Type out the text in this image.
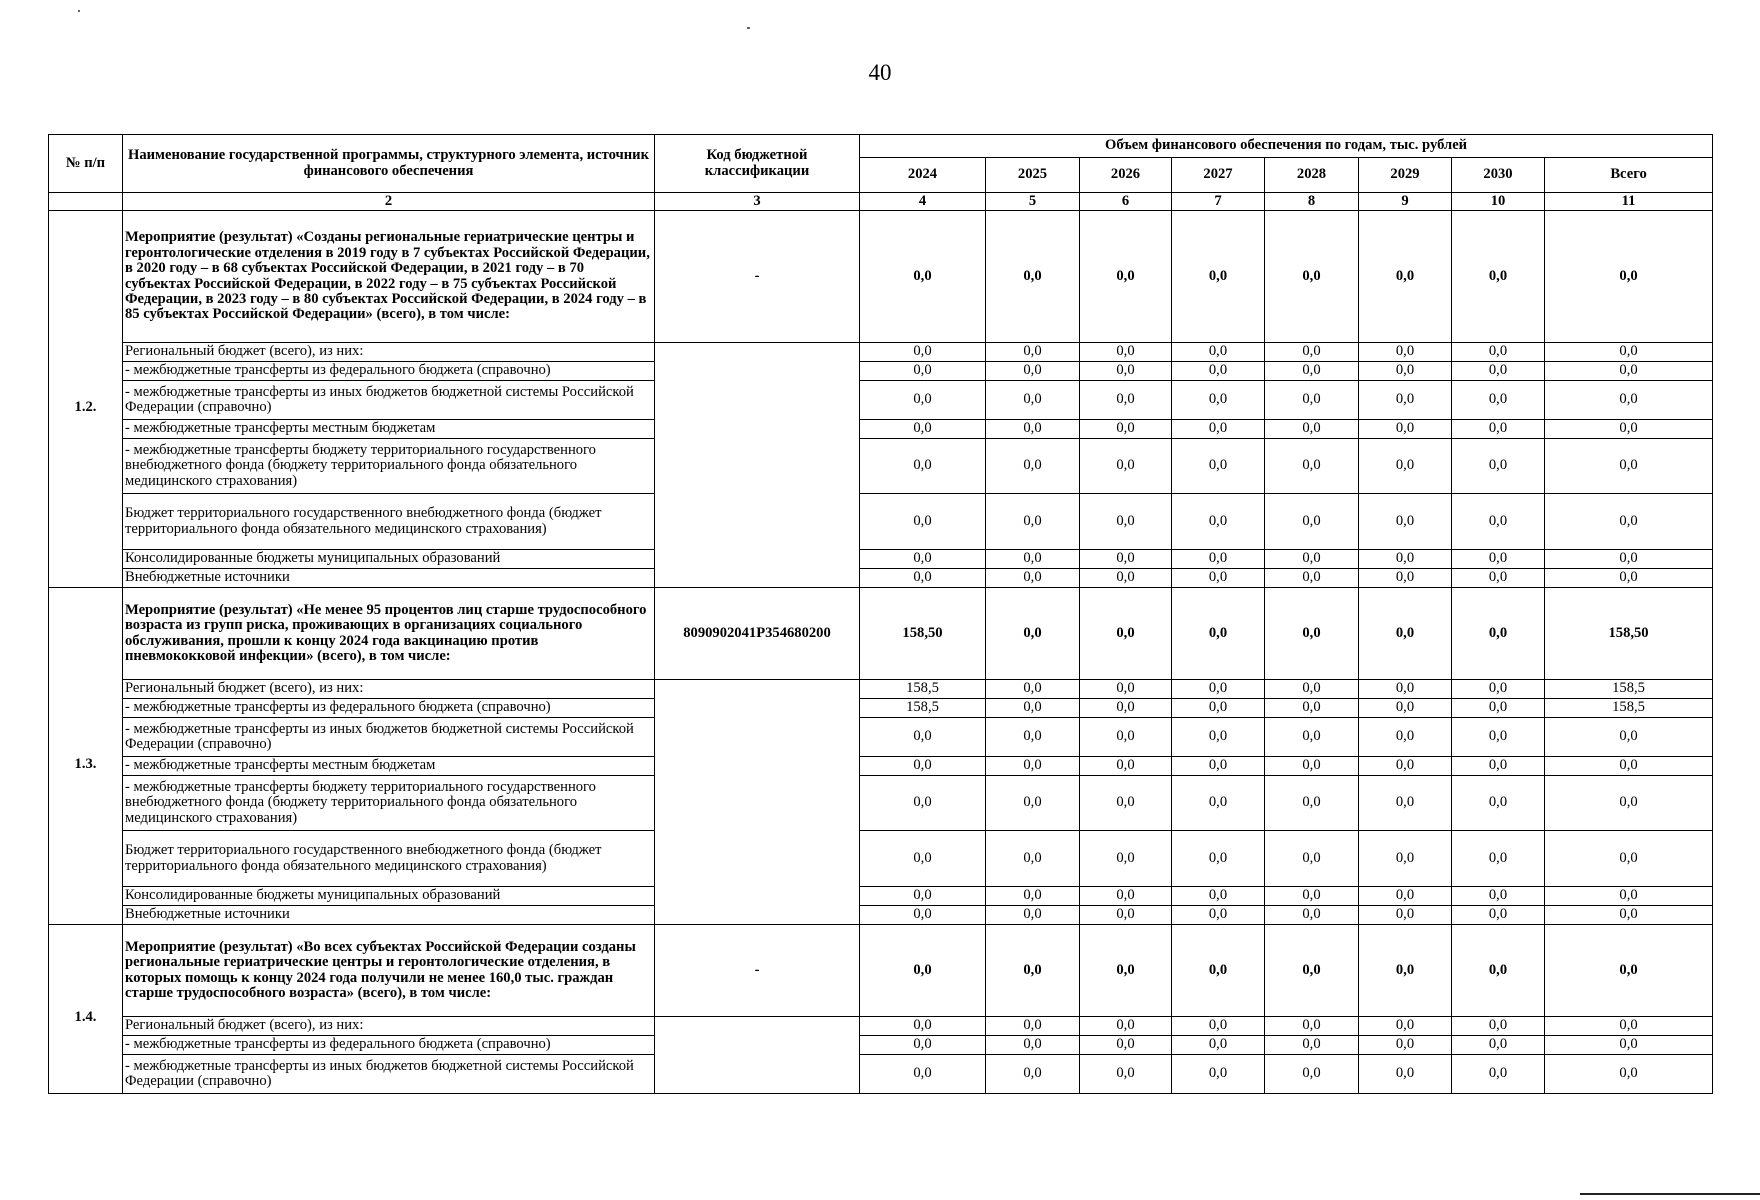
40
№ п/п	Наименование государственной программы, структурного элемента, источник финансового обеспечения	Код бюджетной классификации	Объем финансового обеспечения по годам, тыс. рублей							
			2024	2025	2026	2027	2028	2029	2030	Всего
	2	3	4	5	6	7	8	9	10	11
1.2.	Мероприятие (результат) «Созданы региональные гериатрические центры и геронтологические отделения в 2019 году в 7 субъектах Российской Федерации, в 2020 году – в 68 субъектах Российской Федерации, в 2021 году – в 70 субъектах Российской Федерации, в 2022 году – в 75 субъектах Российской Федерации, в 2023 году – в 80 субъектах Российской Федерации, в 2024 году – в 85 субъектах Российской Федерации» (всего), в том числе:	-	0,0	0,0	0,0	0,0	0,0	0,0	0,0	0,0
	Региональный бюджет (всего), из них:		0,0	0,0	0,0	0,0	0,0	0,0	0,0	0,0
	- межбюджетные трансферты из федерального бюджета (справочно)		0,0	0,0	0,0	0,0	0,0	0,0	0,0	0,0
	- межбюджетные трансферты из иных бюджетов бюджетной системы Российской Федерации (справочно)		0,0	0,0	0,0	0,0	0,0	0,0	0,0	0,0
	- межбюджетные трансферты местным бюджетам		0,0	0,0	0,0	0,0	0,0	0,0	0,0	0,0
	- межбюджетные трансферты бюджету территориального государственного внебюджетного фонда (бюджету территориального фонда обязательного медицинского страхования)		0,0	0,0	0,0	0,0	0,0	0,0	0,0	0,0
	Бюджет территориального государственного внебюджетного фонда (бюджет территориального фонда обязательного медицинского страхования)		0,0	0,0	0,0	0,0	0,0	0,0	0,0	0,0
	Консолидированные бюджеты муниципальных образований		0,0	0,0	0,0	0,0	0,0	0,0	0,0	0,0
	Внебюджетные источники		0,0	0,0	0,0	0,0	0,0	0,0	0,0	0,0
1.3.	Мероприятие (результат) «Не менее 95 процентов лиц старше трудоспособного возраста из групп риска, проживающих в организациях социального обслуживания, прошли к концу 2024 года вакцинацию против пневмококковой инфекции» (всего), в том числе:	8090902041P354680200	158,50	0,0	0,0	0,0	0,0	0,0	0,0	158,50
	Региональный бюджет (всего), из них:		158,5	0,0	0,0	0,0	0,0	0,0	0,0	158,5
	- межбюджетные трансферты из федерального бюджета (справочно)		158,5	0,0	0,0	0,0	0,0	0,0	0,0	158,5
	- межбюджетные трансферты из иных бюджетов бюджетной системы Российской Федерации (справочно)		0,0	0,0	0,0	0,0	0,0	0,0	0,0	0,0
	- межбюджетные трансферты местным бюджетам		0,0	0,0	0,0	0,0	0,0	0,0	0,0	0,0
	- межбюджетные трансферты бюджету территориального государственного внебюджетного фонда (бюджету территориального фонда обязательного медицинского страхования)		0,0	0,0	0,0	0,0	0,0	0,0	0,0	0,0
	Бюджет территориального государственного внебюджетного фонда (бюджет территориального фонда обязательного медицинского страхования)		0,0	0,0	0,0	0,0	0,0	0,0	0,0	0,0
	Консолидированные бюджеты муниципальных образований		0,0	0,0	0,0	0,0	0,0	0,0	0,0	0,0
	Внебюджетные источники		0,0	0,0	0,0	0,0	0,0	0,0	0,0	0,0
1.4.	Мероприятие (результат) «Во всех субъектах Российской Федерации созданы региональные гериатрические центры и геронтологические отделения, в которых помощь к концу 2024 года получили не менее 160,0 тыс. граждан старше трудоспособного возраста» (всего), в том числе:	-	0,0	0,0	0,0	0,0	0,0	0,0	0,0	0,0
	Региональный бюджет (всего), из них:		0,0	0,0	0,0	0,0	0,0	0,0	0,0	0,0
	- межбюджетные трансферты из федерального бюджета (справочно)		0,0	0,0	0,0	0,0	0,0	0,0	0,0	0,0
	- межбюджетные трансферты из иных бюджетов бюджетной системы Российской Федерации (справочно)		0,0	0,0	0,0	0,0	0,0	0,0	0,0	0,0
